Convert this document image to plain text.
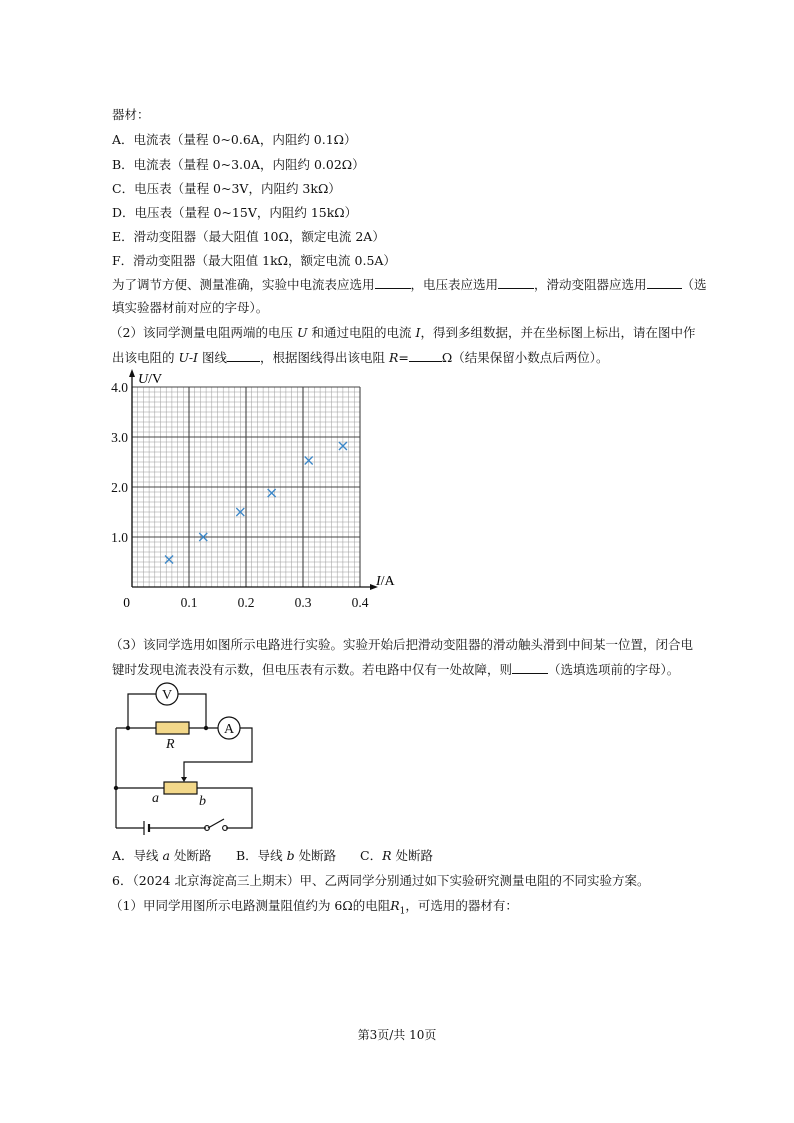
器材：
A．电流表（量程 0~0.6A，内阻约 0.1Ω）
B．电流表（量程 0~3.0A，内阻约 0.02Ω）
C．电压表（量程 0~3V，内阻约 3kΩ）
D．电压表（量程 0~15V，内阻约 15kΩ）
E．滑动变阻器（最大阻值 10Ω，额定电流 2A）
F．滑动变阻器（最大阻值 1kΩ，额定电流 0.5A）
为了调节方便、测量准确，实验中电流表应选用	，电压表应选用	，滑动变阻器应选用	（选
填实验器材前对应的字母）。
（2）该同学测量电阻两端的电压 U 和通过电阻的电流 I，得到多组数据，并在坐标图上标出，请在图中作
出该电阻的 U-I 图线	，根据图线得出该电阻 R=	Ω（结果保留小数点后两位）。
0.1	0.2	0.3	0.4
1.0
2.0
3.0
4.0
U/V
I/A
0
（3）该同学选用如图所示电路进行实验。实验开始后把滑动变阻器的滑动触头滑到中间某一位置，闭合电
键时发现电流表没有示数，但电压表有示数。若电路中仅有一处故障，则	（选填选项前的字母）。
V
A
R
a	b
A．导线 a 处断路 B．导线 b 处断路 C．R 处断路
6．（2024 北京海淀高三上期末）甲、乙两同学分别通过如下实验研究测量电阻的不同实验方案。
（1）甲同学用图所示电路测量阻值约为 6Ω的电阻$R_1$，可选用的器材有：
第3页/共 10页
